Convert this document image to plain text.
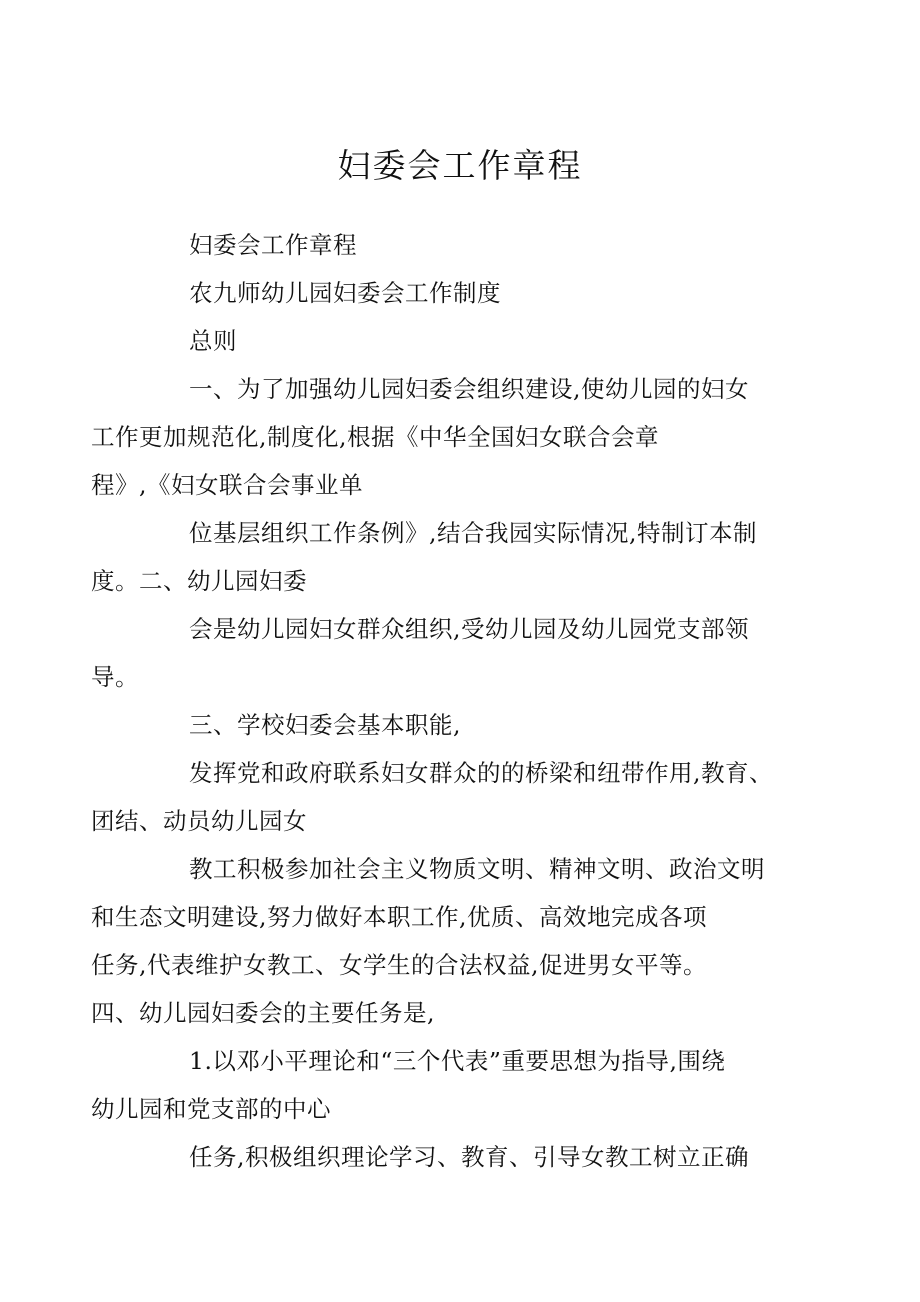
妇委会工作章程

妇委会工作章程

农九师幼儿园妇委会工作制度

总则

一、为了加强幼儿园妇委会组织建设,使幼儿园的妇女
工作更加规范化,制度化,根据《中华全国妇女联合会章
程》,《妇女联合会事业单

位基层组织工作条例》,结合我园实际情况,特制订本制
度。二、幼儿园妇委

会是幼儿园妇女群众组织,受幼儿园及幼儿园党支部领
导。

三、学校妇委会基本职能,

发挥党和政府联系妇女群众的的桥梁和纽带作用,教育、
团结、动员幼儿园女

教工积极参加社会主义物质文明、精神文明、政治文明
和生态文明建设,努力做好本职工作,优质、高效地完成各项
任务,代表维护女教工、女学生的合法权益,促进男女平等。
四、幼儿园妇委会的主要任务是,

1.以邓小平理论和“三个代表”重要思想为指导,围绕
幼儿园和党支部的中心

任务,积极组织理论学习、教育、引导女教工树立正确
